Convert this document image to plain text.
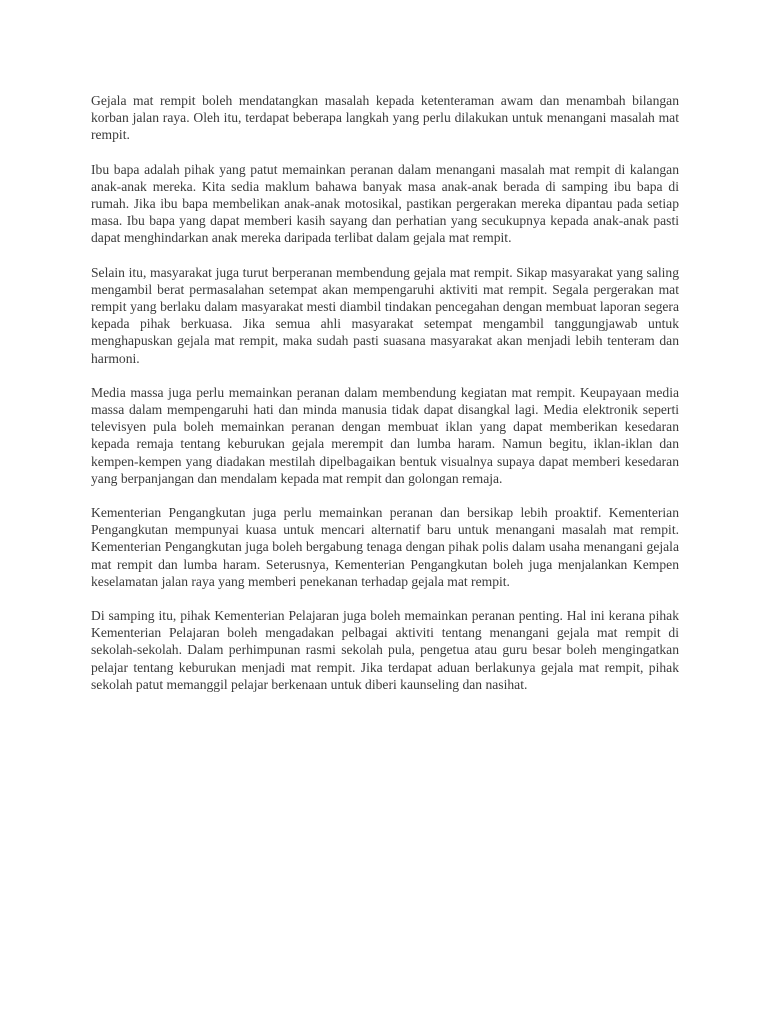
Gejala mat rempit boleh mendatangkan masalah kepada ketenteraman awam dan menambah bilangan korban jalan raya. Oleh itu, terdapat beberapa langkah yang perlu dilakukan untuk menangani masalah mat rempit.

Ibu bapa adalah pihak yang patut memainkan peranan dalam menangani masalah mat rempit di kalangan anak-anak mereka. Kita sedia maklum bahawa banyak masa anak-anak berada di samping ibu bapa di rumah. Jika ibu bapa membelikan anak-anak motosikal, pastikan pergerakan mereka dipantau pada setiap masa. Ibu bapa yang dapat memberi kasih sayang dan perhatian yang secukupnya kepada anak-anak pasti dapat menghindarkan anak mereka daripada terlibat dalam gejala mat rempit.

Selain itu, masyarakat juga turut berperanan membendung gejala mat rempit. Sikap masyarakat yang saling mengambil berat permasalahan setempat akan mempengaruhi aktiviti mat rempit. Segala pergerakan mat rempit yang berlaku dalam masyarakat mesti diambil tindakan pencegahan dengan membuat laporan segera kepada pihak berkuasa. Jika semua ahli masyarakat setempat mengambil tanggungjawab untuk menghapuskan gejala mat rempit, maka sudah pasti suasana masyarakat akan menjadi lebih tenteram dan harmoni.

Media massa juga perlu memainkan peranan dalam membendung kegiatan mat rempit. Keupayaan media massa dalam mempengaruhi hati dan minda manusia tidak dapat disangkal lagi. Media elektronik seperti televisyen pula boleh memainkan peranan dengan membuat iklan yang dapat memberikan kesedaran kepada remaja tentang keburukan gejala merempit dan lumba haram. Namun begitu, iklan-iklan dan kempen-kempen yang diadakan mestilah dipelbagaikan bentuk visualnya supaya dapat memberi kesedaran yang berpanjangan dan mendalam kepada mat rempit dan golongan remaja.

Kementerian Pengangkutan juga perlu memainkan peranan dan bersikap lebih proaktif. Kementerian Pengangkutan mempunyai kuasa untuk mencari alternatif baru untuk menangani masalah mat rempit. Kementerian Pengangkutan juga boleh bergabung tenaga dengan pihak polis dalam usaha menangani gejala mat rempit dan lumba haram. Seterusnya, Kementerian Pengangkutan boleh juga menjalankan Kempen keselamatan jalan raya yang memberi penekanan terhadap gejala mat rempit.

Di samping itu, pihak Kementerian Pelajaran juga boleh memainkan peranan penting. Hal ini kerana pihak Kementerian Pelajaran boleh mengadakan pelbagai aktiviti tentang menangani gejala mat rempit di sekolah-sekolah. Dalam perhimpunan rasmi sekolah pula, pengetua atau guru besar boleh mengingatkan pelajar tentang keburukan menjadi mat rempit. Jika terdapat aduan berlakunya gejala mat rempit, pihak sekolah patut memanggil pelajar berkenaan untuk diberi kaunseling dan nasihat.
